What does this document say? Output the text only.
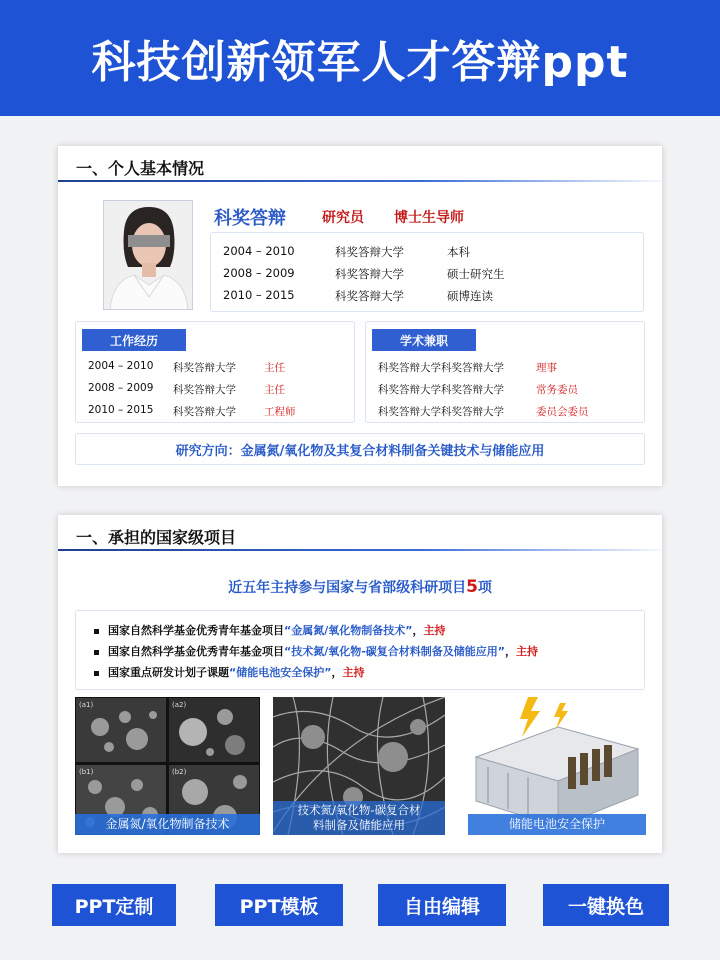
科技创新领军人才答辩ppt
一、个人基本情况
科奖答辩	研究员 博士生导师
2004 – 2010	科奖答辩大学	本科
2008 – 2009	科奖答辩大学	硕士研究生
2010 – 2015	科奖答辩大学	硕博连读
工作经历
2004 – 2010 科奖答辩大学	主任
2008 – 2009 科奖答辩大学	主任
2010 – 2015 科奖答辩大学	工程师
学术兼职
科奖答辩大学科奖答辩大学	理事
科奖答辩大学科奖答辩大学	常务委员
科奖答辩大学科奖答辩大学	委员会委员
研究方向：金属氮/氧化物及其复合材料制备关键技术与储能应用
一、承担的国家级项目
近五年主持参与国家与省部级科研项目5项
国家自然科学基金优秀青年基金项目“金属氮/氧化物制备技术”，主持
国家自然科学基金优秀青年基金项目“技术氮/氧化物-碳复合材料制备及储能应用”，主持
国家重点研发计划子课题“储能电池安全保护”，主持
(a1)	(a2)
(b1)	(b2)
金属氮/氧化物制备技术
技术氮/氧化物-碳复合材
料制备及储能应用	储能电池安全保护
PPT定制	PPT模板	自由编辑	一键换色
